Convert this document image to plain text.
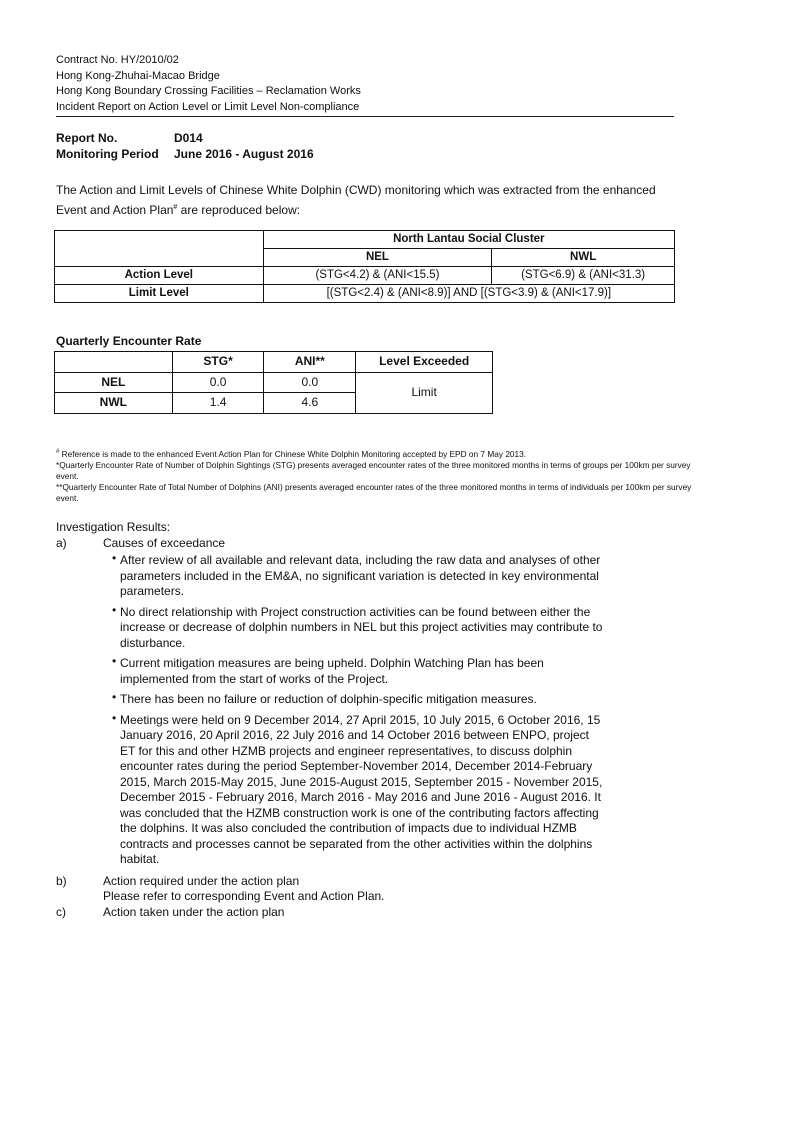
Contract No. HY/2010/02
Hong Kong-Zhuhai-Macao Bridge
Hong Kong Boundary Crossing Facilities – Reclamation Works
Incident Report on Action Level or Limit Level Non-compliance
Report No.	D014
Monitoring Period	June 2016 - August 2016
The Action and Limit Levels of Chinese White Dolphin (CWD) monitoring which was extracted from the enhanced Event and Action Plan# are reproduced below:
	North Lantau Social Cluster	
	NEL	NWL
Action Level	(STG<4.2) & (ANI<15.5)	(STG<6.9) & (ANI<31.3)
Limit Level	[(STG<2.4) & (ANI<8.9)] AND [(STG<3.9) & (ANI<17.9)]	
Quarterly Encounter Rate
	STG*	ANI**	Level Exceeded
NEL	0.0	0.0	Limit
NWL	1.4	4.6	
# Reference is made to the enhanced Event Action Plan for Chinese White Dolphin Monitoring accepted by EPD on 7 May 2013.
*Quarterly Encounter Rate of Number of Dolphin Sightings (STG) presents averaged encounter rates of the three monitored months in terms of groups per 100km per survey event.
**Quarterly Encounter Rate of Total Number of Dolphins (ANI) presents averaged encounter rates of the three monitored months in terms of individuals per 100km per survey event.
Investigation Results:
a)	Causes of exceedance
• After review of all available and relevant data, including the raw data and analyses of other parameters included in the EM&A, no significant variation is detected in key environmental parameters.
• No direct relationship with Project construction activities can be found between either the increase or decrease of dolphin numbers in NEL but this project activities may contribute to disturbance.
• Current mitigation measures are being upheld. Dolphin Watching Plan has been implemented from the start of works of the Project.
• There has been no failure or reduction of dolphin-specific mitigation measures.
• Meetings were held on 9 December 2014, 27 April 2015, 10 July 2015, 6 October 2016, 15 January 2016, 20 April 2016, 22 July 2016 and 14 October 2016 between ENPO, project ET for this and other HZMB projects and engineer representatives, to discuss dolphin encounter rates during the period September-November 2014, December 2014-February 2015, March 2015-May 2015, June 2015-August 2015, September 2015 - November 2015, December 2015 - February 2016, March 2016 - May 2016 and June 2016 - August 2016. It was concluded that the HZMB construction work is one of the contributing factors affecting the dolphins. It was also concluded the contribution of impacts due to individual HZMB contracts and processes cannot be separated from the other activities within the dolphins habitat.
b)	Action required under the action plan
Please refer to corresponding Event and Action Plan.
c)	Action taken under the action plan
